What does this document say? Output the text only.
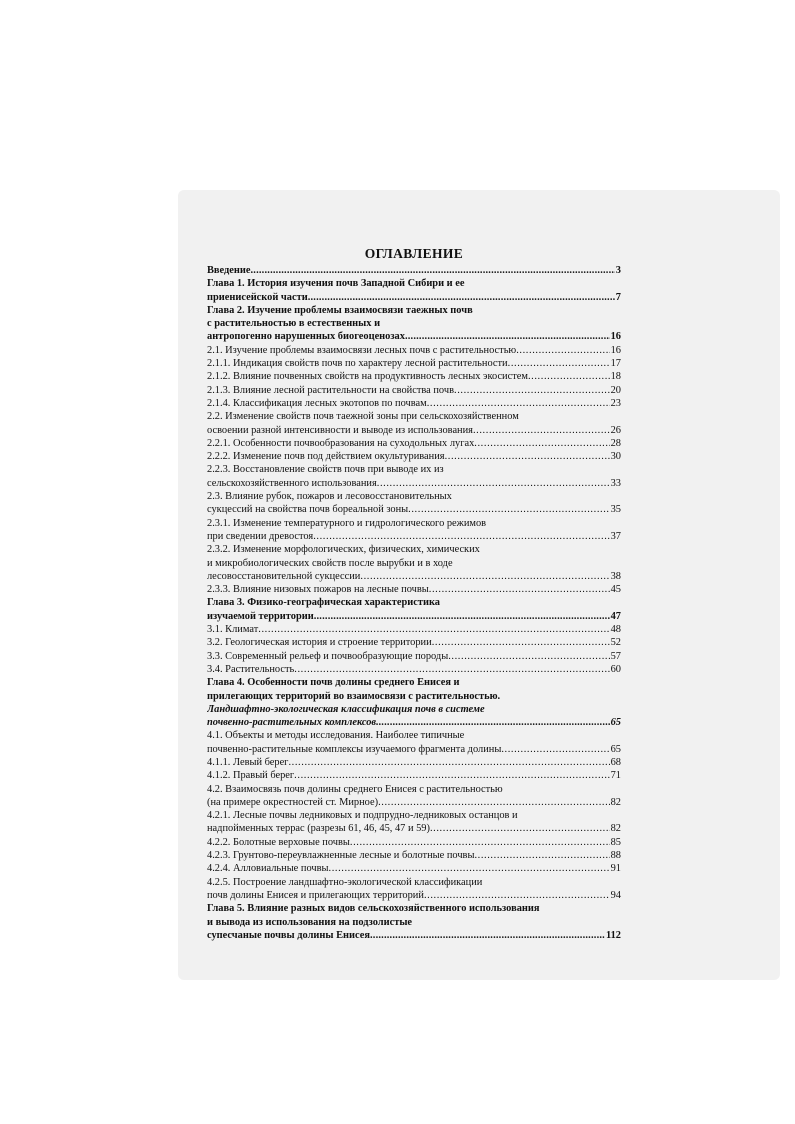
ОГЛАВЛЕНИЕ
Введение .....	3
Глава 1. История изучения почв Западной Сибири и ее
приенисейской части .....	7
Глава 2. Изучение проблемы взаимосвязи таежных почв
с растительностью в естественных и
антропогенно нарушенных биогеоценозах .....	16
2.1. Изучение проблемы взаимосвязи лесных почв с растительностью .....	16
2.1.1. Индикация свойств почв по характеру лесной растительности .....	17
2.1.2. Влияние почвенных свойств на продуктивность лесных экосистем .....	18
2.1.3. Влияние лесной растительности на свойства почв .....	20
2.1.4. Классификация лесных экотопов по почвам .....	23
2.2. Изменение свойств почв таежной зоны при сельскохозяйственном
освоении разной интенсивности и выводе из использования .....	26
2.2.1. Особенности почвообразования на суходольных лугах .....	28
2.2.2. Изменение почв под действием окультуривания .....	30
2.2.3. Восстановление свойств почв при выводе их из
сельскохозяйственного использования .....	33
2.3. Влияние рубок, пожаров и лесовосстановительных
сукцессий на свойства почв бореальной зоны .....	35
2.3.1. Изменение температурного и гидрологического режимов
при сведении древостоя .....	37
2.3.2. Изменение морфологических, физических, химических
и микробиологических свойств после вырубки и в ходе
лесовосстановительной сукцессии .....	38
2.3.3. Влияние низовых пожаров на лесные почвы .....	45
Глава 3. Физико-географическая характеристика
изучаемой территории .....	47
3.1. Климат .....	48
3.2. Геологическая история и строение территории .....	52
3.3. Современный рельеф и почвообразующие породы .....	57
3.4. Растительность .....	60
Глава 4. Особенности почв долины среднего Енисея и
прилегающих территорий во взаимосвязи с растительностью.
Ландшафтно-экологическая классификация почв в системе
почвенно-растительных комплексов .....	65
4.1. Объекты и методы исследования. Наиболее типичные
почвенно-растительные комплексы изучаемого фрагмента долины .....	65
4.1.1. Левый берег .....	68
4.1.2. Правый берег .....	71
4.2. Взаимосвязь почв долины среднего Енисея с растительностью
(на примере окрестностей ст. Мирное) .....	82
4.2.1. Лесные почвы ледниковых и подпрудно-ледниковых останцов и
надпойменных террас (разрезы 61, 46, 45, 47 и 59) .....	82
4.2.2. Болотные верховые почвы .....	85
4.2.3. Грунтово-переувлажненные лесные и болотные почвы .....	88
4.2.4. Алловиальные почвы .....	91
4.2.5. Построение ландшафтно-экологической классификации
почв долины Енисея и прилегающих территорий .....	94
Глава 5. Влияние разных видов сельскохозяйственного использования
и вывода из использования на подзолистые
супесчаные почвы долины Енисея .....	112
